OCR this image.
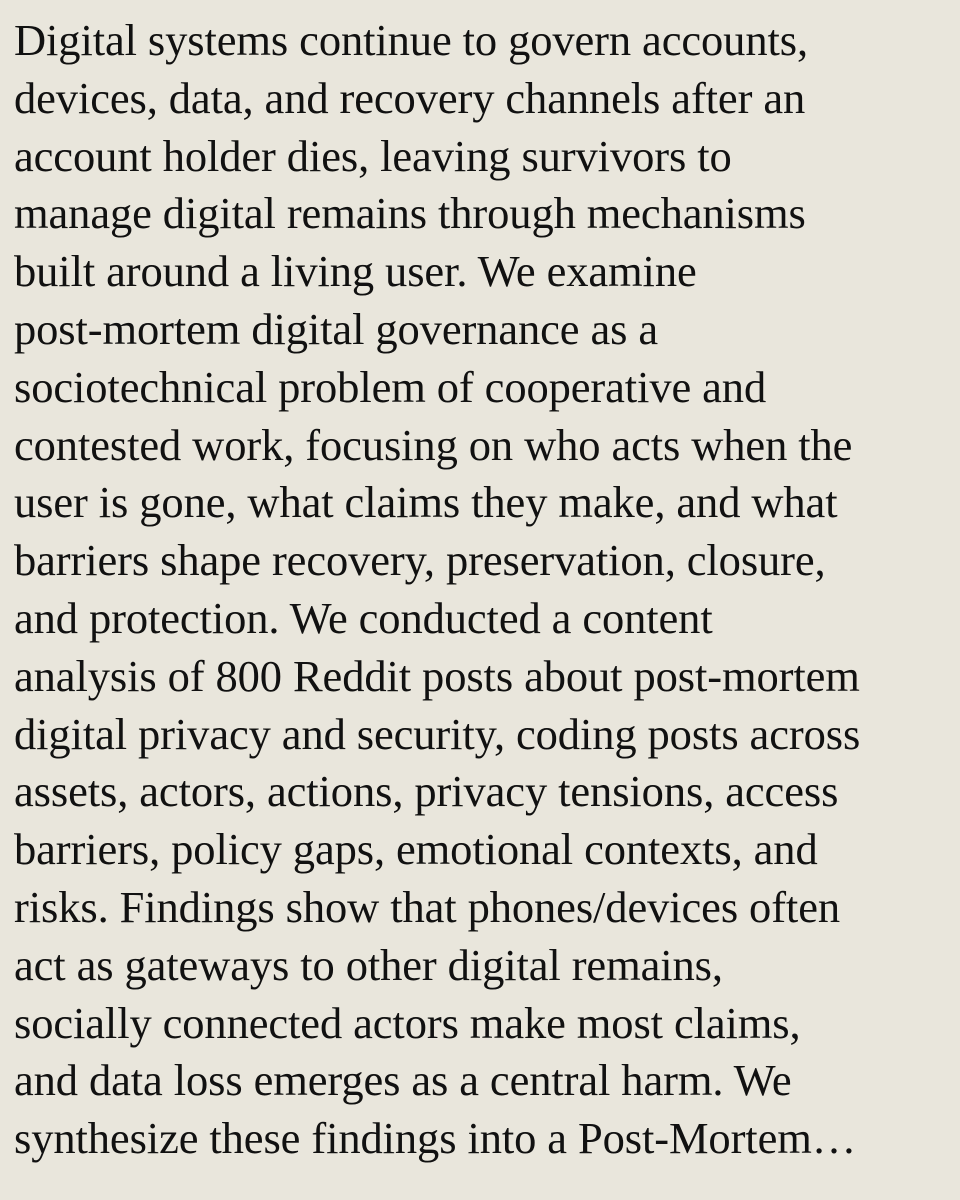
Digital systems continue to govern accounts,
devices, data, and recovery channels after an
account holder dies, leaving survivors to
manage digital remains through mechanisms
built around a living user. We examine
post-mortem digital governance as a
sociotechnical problem of cooperative and
contested work, focusing on who acts when the
user is gone, what claims they make, and what
barriers shape recovery, preservation, closure,
and protection. We conducted a content
analysis of 800 Reddit posts about post-mortem
digital privacy and security, coding posts across
assets, actors, actions, privacy tensions, access
barriers, policy gaps, emotional contexts, and
risks. Findings show that phones/devices often
act as gateways to other digital remains,
socially connected actors make most claims,
and data loss emerges as a central harm. We
synthesize these findings into a Post-Mortem…
